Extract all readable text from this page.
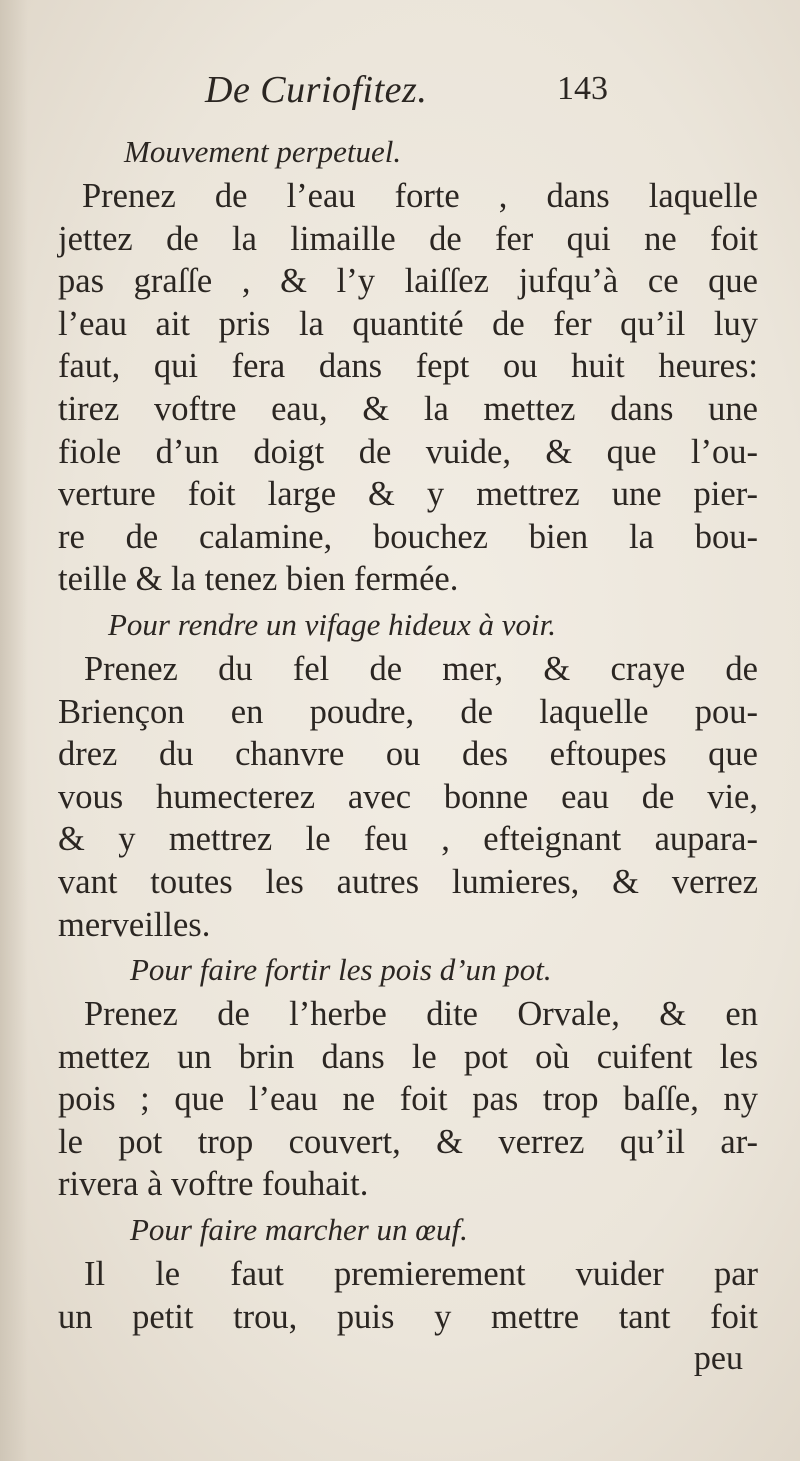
De Curiofitez.	143
Mouvement perpetuel.
Prenez de l’eau forte , dans laquelle
jettez de la limaille de fer qui ne foit
pas graſſe , & l’y laiſſez jufqu’à ce que
l’eau ait pris la quantité de fer qu’il luy
faut, qui fera dans fept ou huit heures:
tirez voftre eau, & la mettez dans une
fiole d’un doigt de vuide, & que l’ou-
verture foit large & y mettrez une pier-
re de calamine, bouchez bien la bou-
teille & la tenez bien fermée.
Pour rendre un vifage hideux à voir.
Prenez du fel de mer, & craye de
Briençon en poudre, de laquelle pou-
drez du chanvre ou des eftoupes que
vous humecterez avec bonne eau de vie,
& y mettrez le feu , efteignant aupara-
vant toutes les autres lumieres, & verrez
merveilles.
Pour faire fortir les pois d’un pot.
Prenez de l’herbe dite Orvale, & en
mettez un brin dans le pot où cuifent les
pois ; que l’eau ne foit pas trop baſſe, ny
le pot trop couvert, & verrez qu’il ar-
rivera à voftre fouhait.
Pour faire marcher un œuf.
Il le faut premierement vuider par
un petit trou, puis y mettre tant foit
peu
